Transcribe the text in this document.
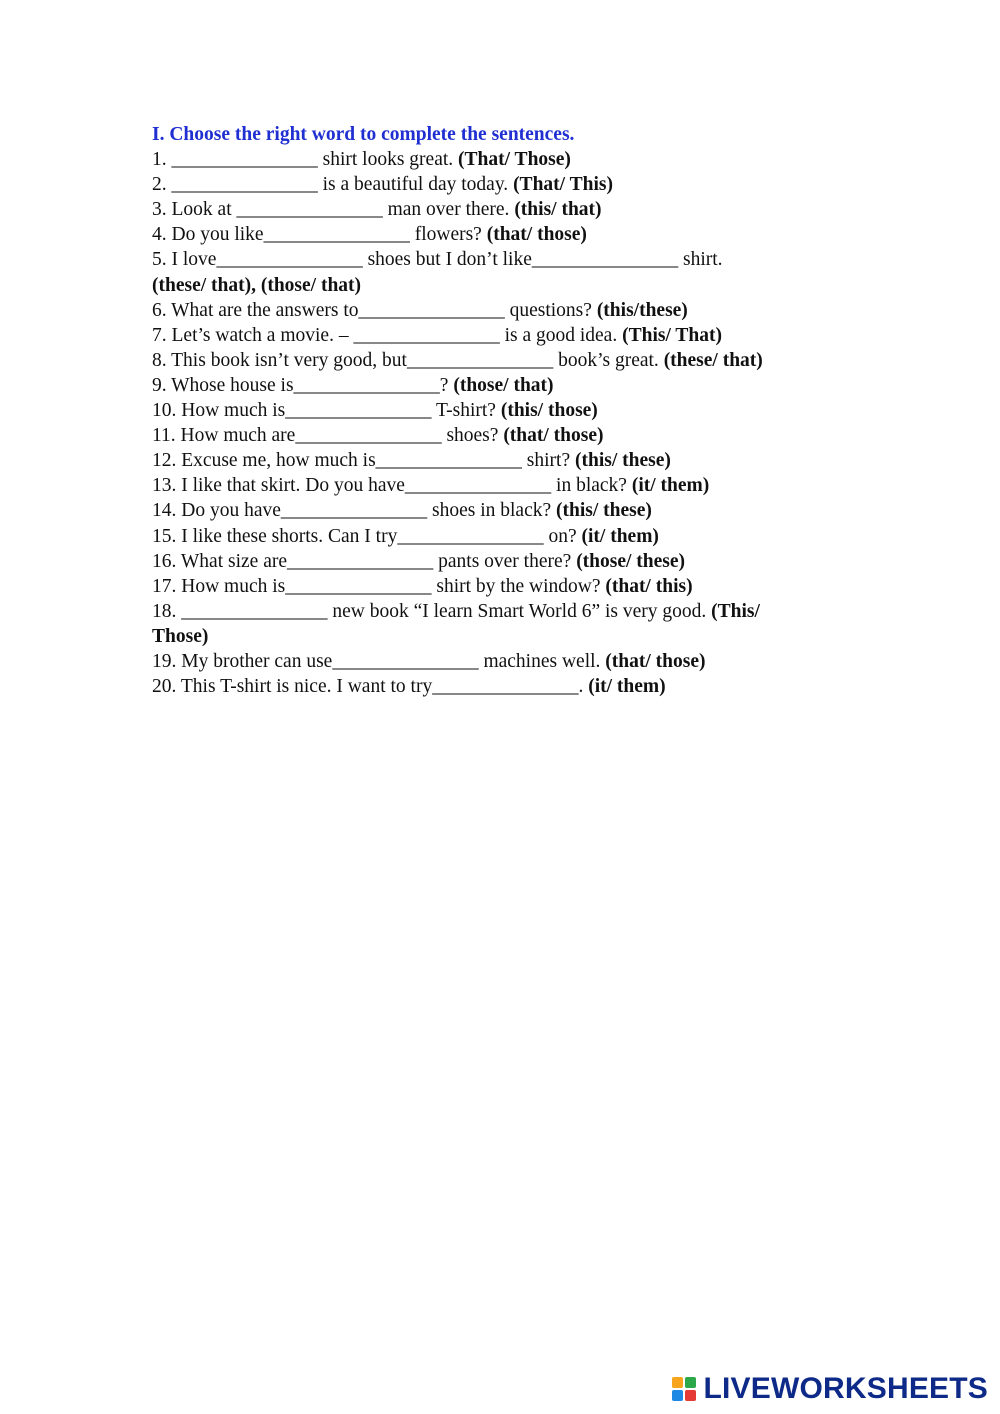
I. Choose the right word to complete the sentences.
1. _______________ shirt looks great. (That/ Those)
2. _______________ is a beautiful day today. (That/ This)
3. Look at _______________ man over there. (this/ that)
4. Do you like_______________ flowers? (that/ those)
5. I love_______________ shoes but I don’t like_______________ shirt.
(these/ that), (those/ that)
6. What are the answers to_______________ questions? (this/these)
7. Let’s watch a movie. – _______________ is a good idea. (This/ That)
8. This book isn’t very good, but_______________ book’s great. (these/ that)
9. Whose house is_______________? (those/ that)
10. How much is_______________ T-shirt? (this/ those)
11. How much are_______________ shoes? (that/ those)
12. Excuse me, how much is_______________ shirt? (this/ these)
13. I like that skirt. Do you have_______________ in black? (it/ them)
14. Do you have_______________ shoes in black? (this/ these)
15. I like these shorts. Can I try_______________ on? (it/ them)
16. What size are_______________ pants over there? (those/ these)
17. How much is_______________ shirt by the window? (that/ this)
18. _______________ new book “I learn Smart World 6” is very good. (This/
Those)
19. My brother can use_______________ machines well. (that/ those)
20. This T-shirt is nice. I want to try_______________. (it/ them)
LIVEWORKSHEETS
